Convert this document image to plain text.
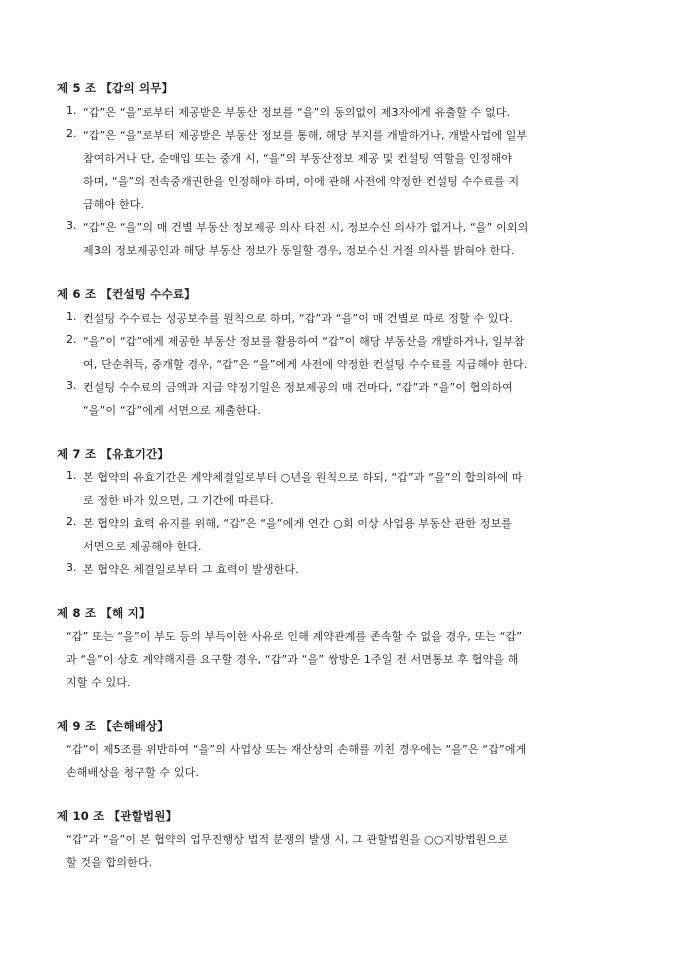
제 5 조 【갑의 의무】
1. “갑”은 “을”로부터 제공받은 부동산 정보를 “을”의 동의없이 제3자에게 유출할 수 없다.
2. “갑”은 “을”로부터 제공받은 부동산 정보를 통해, 해당 부지를 개발하거나, 개발사업에 일부
참여하거나 단, 순매입 또는 중개 시, “을”의 부동산정보 제공 및 컨설팅 역할을 인정해야
하며, “을”의 전속중개권한을 인정해야 하며, 이에 관해 사전에 약정한 컨설팅 수수료를 지
급해야 한다.
3. “갑”은 “을”의 매 건별 부동산 정보제공 의사 타진 시, 정보수신 의사가 없거나, “을” 이외의
제3의 정보제공인과 해당 부동산 정보가 동일할 경우, 정보수신 거절 의사를 밝혀야 한다.
제 6 조 【컨설팅 수수료】
1. 컨설팅 수수료는 성공보수를 원칙으로 하며, “갑”과 “을”이 매 건별로 따로 정할 수 있다.
2. “을”이 “갑”에게 제공한 부동산 정보를 활용하여 “갑”이 해당 부동산을 개발하거나, 일부참
여, 단순취득, 중개할 경우, “갑”은 “을”에게 사전에 약정한 컨설팅 수수료를 지급해야 한다.
3. 컨설팅 수수료의 금액과 지급 약정기일은 정보제공의 매 건마다, “갑”과 “을”이 협의하여
“을”이 “갑”에게 서면으로 제출한다.
제 7 조 【유효기간】
1. 본 협약의 유효기간은 계약체결일로부터 ○년을 원칙으로 하되, “갑”과 “을”의 합의하에 따
로 정한 바가 있으면, 그 기간에 따른다.
2. 본 협약의 효력 유지를 위해, “갑”은 “을”에게 연간 ○회 이상 사업용 부동산 관한 정보를
서면으로 제공해야 한다.
3. 본 협약은 체결일로부터 그 효력이 발생한다.
제 8 조 【해 지】
“갑” 또는 “을”이 부도 등의 부득이한 사유로 인해 계약관계를 존속할 수 없을 경우, 또는 “갑”
과 “을”이 상호 계약해지를 요구할 경우, “갑”과 “을” 쌍방은 1주일 전 서면통보 후 협약을 해
지할 수 있다.
제 9 조 【손해배상】
“갑”이 제5조를 위반하여 “을”의 사업상 또는 재산상의 손해를 끼친 경우에는 “을”은 “갑”에게
손해배상을 청구할 수 있다.
제 10 조 【관할법원】
“갑”과 “을”이 본 협약의 업무진행상 법적 분쟁의 발생 시, 그 관할법원을 ○○지방법원으로
할 것을 합의한다.
